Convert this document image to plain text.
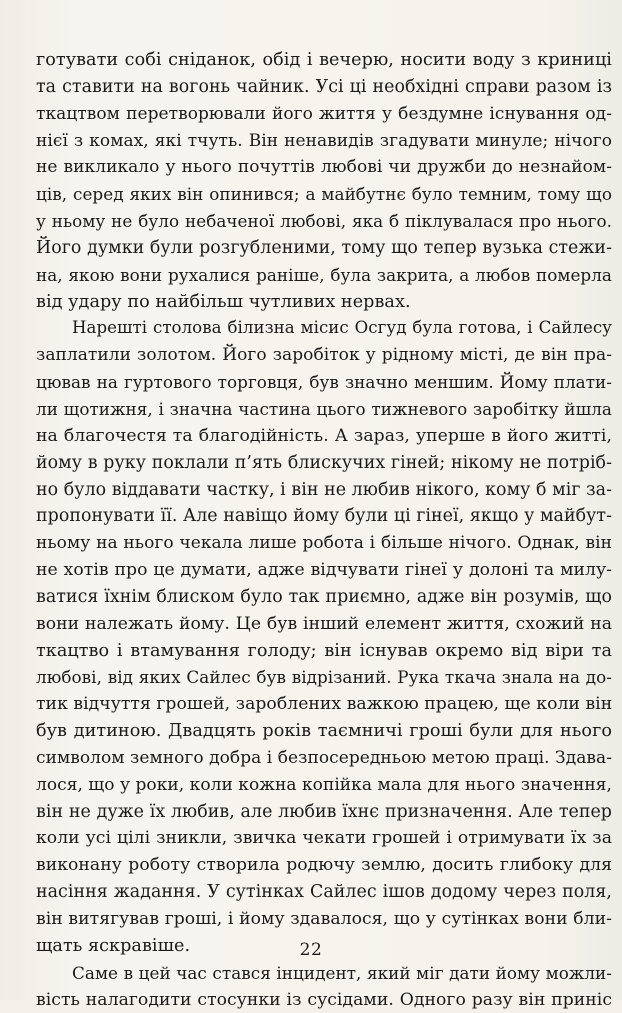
готувати собі сніданок, обід і вечерю, носити воду з криниці
та ставити на вогонь чайник. Усі ці необхідні справи разом із
ткацтвом перетворювали його життя у бездумне існування од-
нієї з комах, які тчуть. Він ненавидів згадувати минуле; нічого
не викликало у нього почуттів любові чи дружби до незнайом-
ців, серед яких він опинився; а майбутнє було темним, тому що
у ньому не було небаченої любові, яка б піклувалася про нього.
Його думки були розгубленими, тому що тепер вузька стежи-
на, якою вони рухалися раніше, була закрита, а любов померла
від удару по найбільш чутливих нервах.
Нарешті столова білизна місис Осгуд була готова, і Сайлесу
заплатили золотом. Його заробіток у рідному місті, де він пра-
цював на гуртового торговця, був значно меншим. Йому плати-
ли щотижня, і значна частина цього тижневого заробітку йшла
на благочестя та благодійність. А зараз, уперше в його житті,
йому в руку поклали п’ять блискучих гіней; нікому не потріб-
но було віддавати частку, і він не любив нікого, кому б міг за-
пропонувати її. Але навіщо йому були ці гінеї, якщо у майбут-
ньому на нього чекала лише робота і більше нічого. Однак, він
не хотів про це думати, адже відчувати гінеї у долоні та милу-
ватися їхнім блиском було так приємно, адже він розумів, що
вони належать йому. Це був інший елемент життя, схожий на
ткацтво і втамування голоду; він існував окремо від віри та
любові, від яких Сайлес був відрізаний. Рука ткача знала на до-
тик відчуття грошей, зароблених важкою працею, ще коли він
був дитиною. Двадцять років таємничі гроші були для нього
символом земного добра і безпосередньою метою праці. Здава-
лося, що у роки, коли кожна копійка мала для нього значення,
він не дуже їх любив, але любив їхнє призначення. Але тепер
коли усі цілі зникли, звичка чекати грошей і отримувати їх за
виконану роботу створила родючу землю, досить глибоку для
насіння жадання. У сутінках Сайлес ішов додому через поля,
він витягував гроші, і йому здавалося, що у сутінках вони бли-
щать яскравіше.
Саме в цей час стався інцидент, який міг дати йому можли-
вість налагодити стосунки із сусідами. Одного разу він приніс
22
